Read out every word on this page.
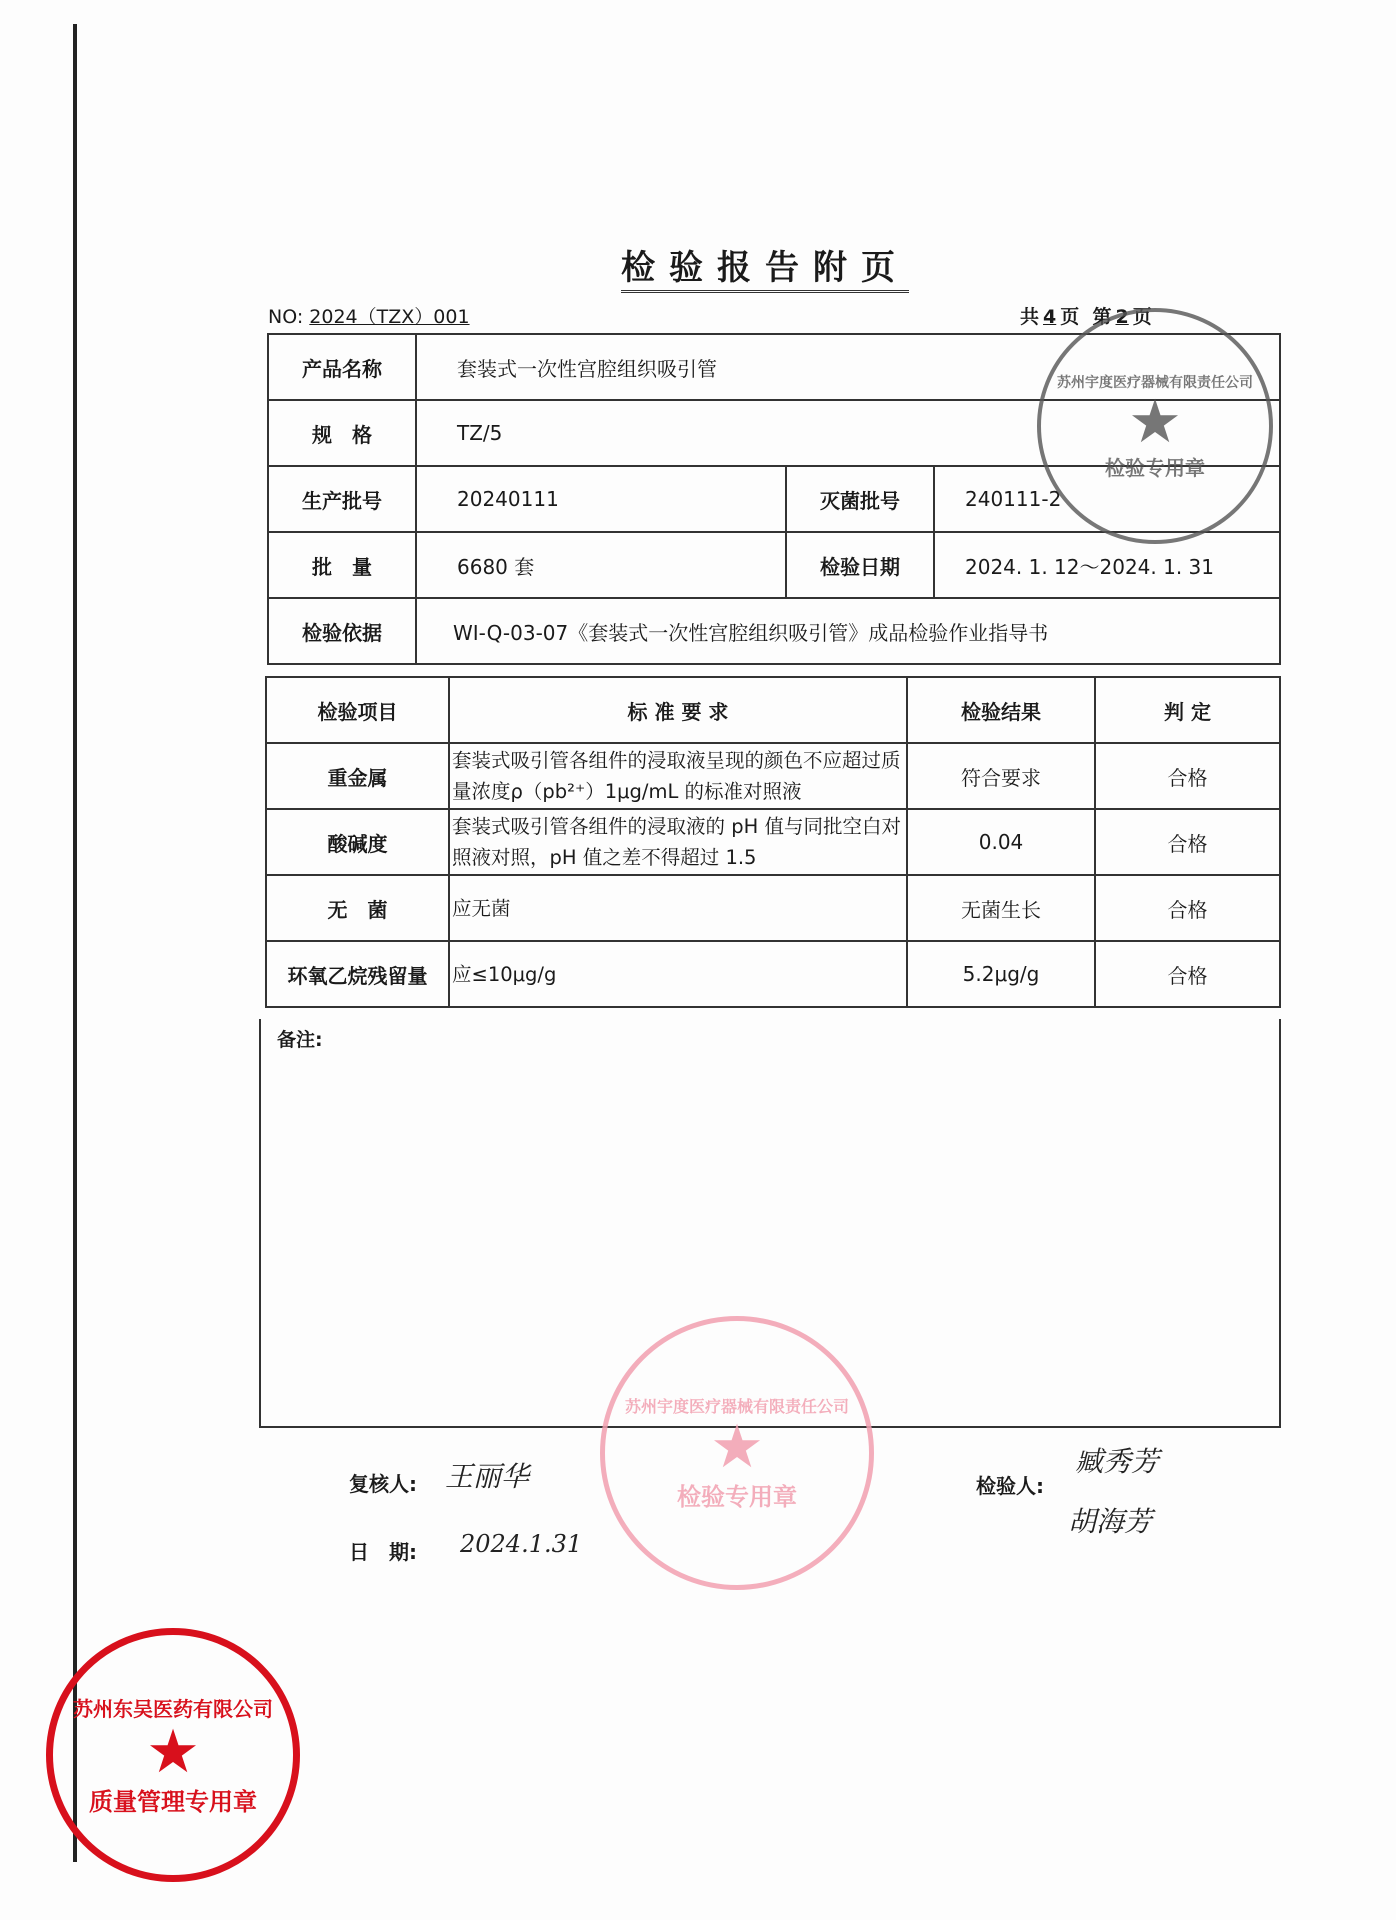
检验报告附页
NO: 2024（TZX）001	共 4 页 第 2 页
产品名称	套装式一次性宫腔组织吸引管		
规　格	TZ/5		
生产批号	20240111	灭菌批号	240111-2
批　量	6680 套	检验日期	2024. 1. 12～2024. 1. 31
检验依据	WI-Q-03-07《套装式一次性宫腔组织吸引管》成品检验作业指导书		
检验项目	标 准 要 求	检验结果	判 定
重金属	套装式吸引管各组件的浸取液呈现的颜色不应超过质量浓度ρ（pb²⁺）1μg/mL 的标准对照液	符合要求	合格
酸碱度	套装式吸引管各组件的浸取液的 pH 值与同批空白对照液对照，pH 值之差不得超过 1.5	0.04	合格
无　菌	应无菌	无菌生长	合格
环氧乙烷残留量	应≤10μg/g	5.2μg/g	合格
备注:
复核人: 王丽华
日　期: 2024.1.31
检验人:
臧秀芳
胡海芳
苏州宇度医疗器械有限责任公司
★
检验专用章
苏州宇度医疗器械有限责任公司
★
检验专用章
苏州东吴医药有限公司
★
质量管理专用章
